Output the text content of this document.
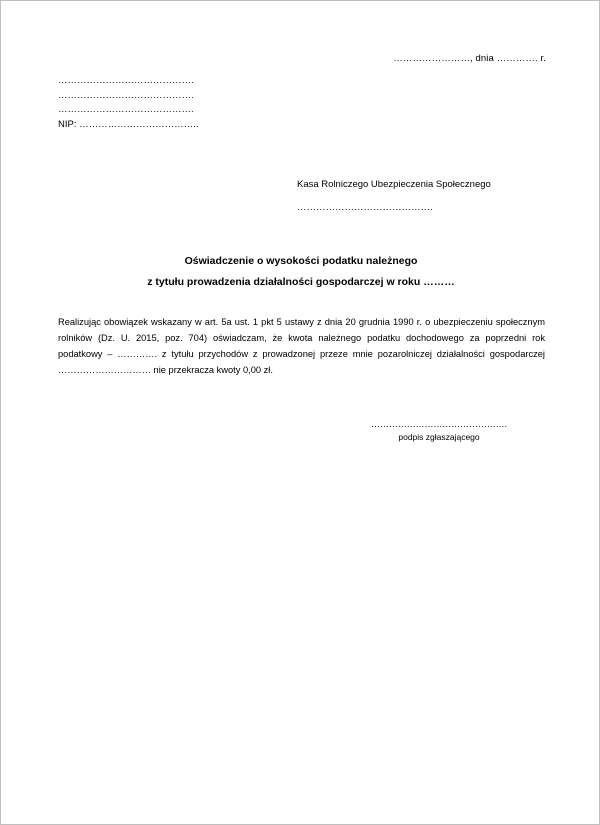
……………………, dnia …………. r.
…………………………………….
…………………………………….
…………………………………….
NIP: ………………………………..
Kasa Rolniczego Ubezpieczenia Społecznego
…………………………………….
Oświadczenie o wysokości podatku należnego
z tytułu prowadzenia działalności gospodarczej w roku ………

Realizując obowiązek wskazany w art. 5a ust. 1 pkt 5 ustawy z dnia 20 grudnia 1990 r. o ubezpieczeniu społecznym rolników (Dz. U. 2015, poz. 704) oświadczam, że kwota należnego podatku dochodowego za poprzedni rok podatkowy – …………. z tytułu przychodów z prowadzonej przeze mnie pozarolniczej działalności gospodarczej ………………………… nie przekracza kwoty 0,00 zł.

……………………………………….
podpis zgłaszającego
